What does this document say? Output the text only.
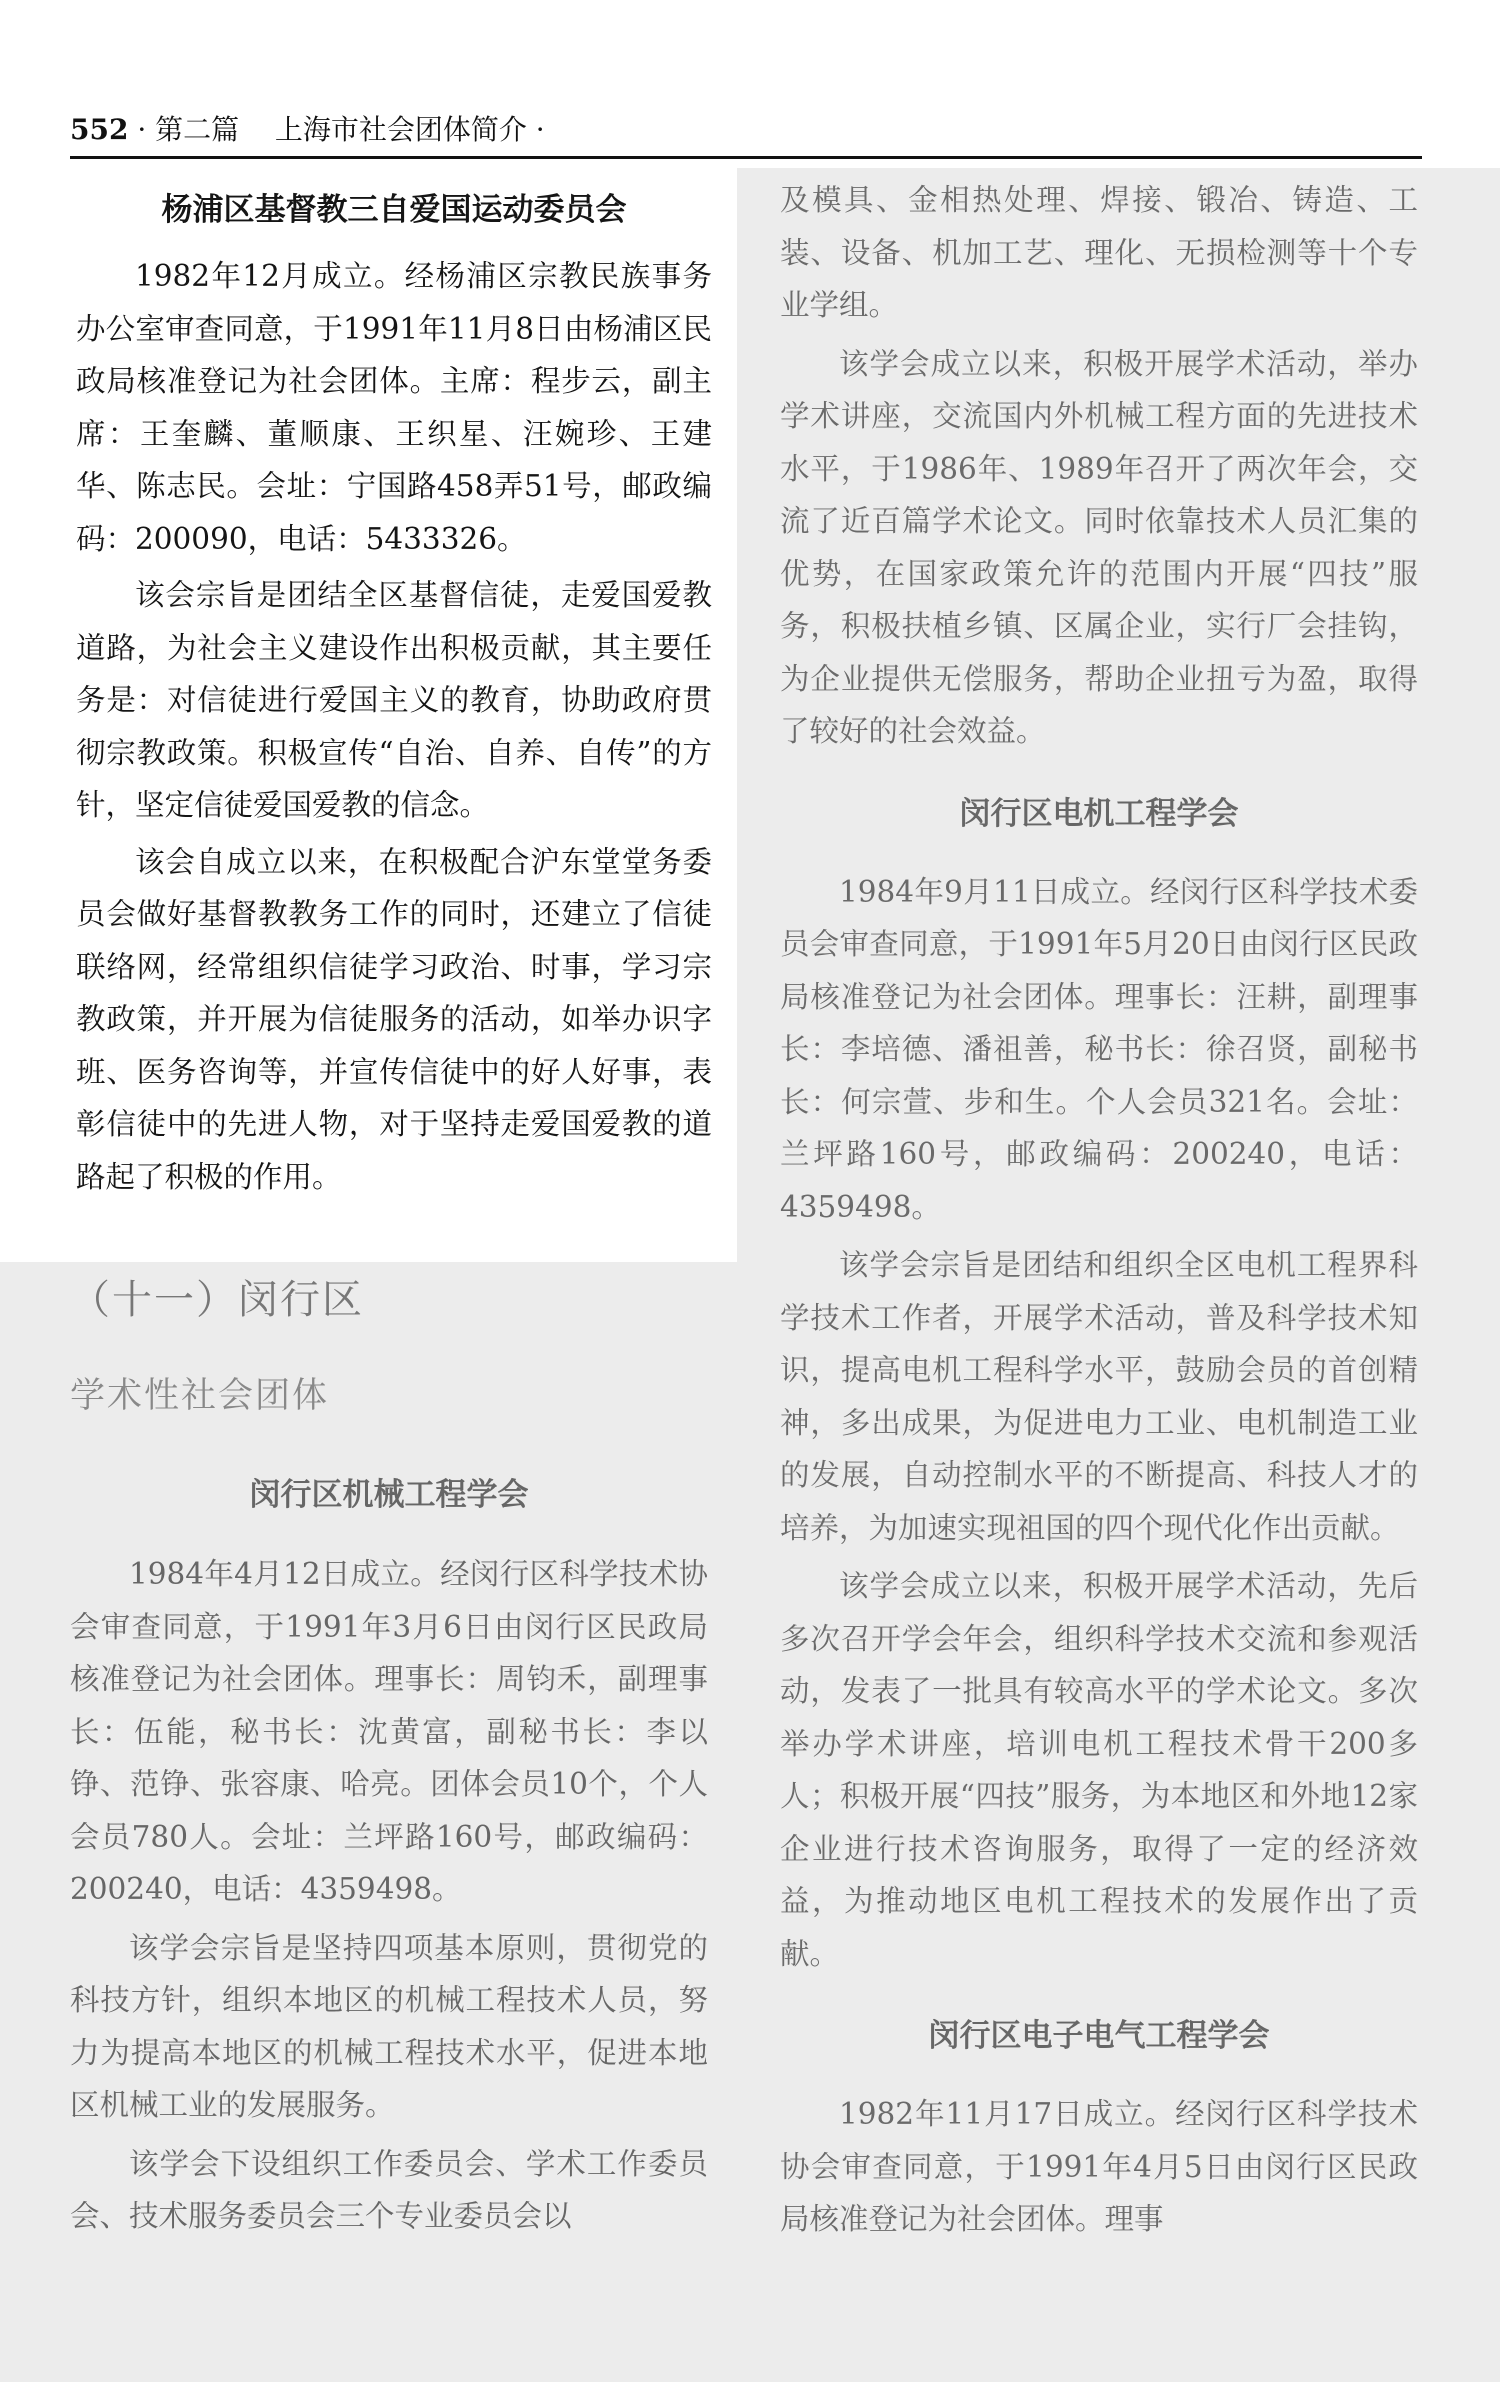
552 · 第二篇 上海市社会团体简介 ·
杨浦区基督教三自爱国运动委员会

1982年12月成立。经杨浦区宗教民族事务办公室审查同意，于1991年11月8日由杨浦区民政局核准登记为社会团体。主席：程步云，副主席：王奎麟、董顺康、王织星、汪婉珍、王建华、陈志民。会址：宁国路458弄51号，邮政编码：200090，电话：5433326。

该会宗旨是团结全区基督信徒，走爱国爱教道路，为社会主义建设作出积极贡献，其主要任务是：对信徒进行爱国主义的教育，协助政府贯彻宗教政策。积极宣传“自治、自养、自传”的方针，坚定信徒爱国爱教的信念。

该会自成立以来，在积极配合沪东堂堂务委员会做好基督教教务工作的同时，还建立了信徒联络网，经常组织信徒学习政治、时事，学习宗教政策，并开展为信徒服务的活动，如举办识字班、医务咨询等，并宣传信徒中的好人好事，表彰信徒中的先进人物，对于坚持走爱国爱教的道路起了积极的作用。

（十一）闵行区
学术性社会团体
闵行区机械工程学会

1984年4月12日成立。经闵行区科学技术协会审查同意，于1991年3月6日由闵行区民政局核准登记为社会团体。理事长：周钧禾，副理事长：伍能，秘书长：沈黄富，副秘书长：李以铮、范铮、张容康、哈亮。团体会员10个，个人会员780人。会址：兰坪路160号，邮政编码：200240，电话：4359498。

该学会宗旨是坚持四项基本原则，贯彻党的科技方针，组织本地区的机械工程技术人员，努力为提高本地区的机械工程技术水平，促进本地区机械工业的发展服务。

该学会下设组织工作委员会、学术工作委员会、技术服务委员会三个专业委员会以

及模具、金相热处理、焊接、锻冶、铸造、工装、设备、机加工艺、理化、无损检测等十个专业学组。

该学会成立以来，积极开展学术活动，举办学术讲座，交流国内外机械工程方面的先进技术水平，于1986年、1989年召开了两次年会，交流了近百篇学术论文。同时依靠技术人员汇集的优势，在国家政策允许的范围内开展“四技”服务，积极扶植乡镇、区属企业，实行厂会挂钩，为企业提供无偿服务，帮助企业扭亏为盈，取得了较好的社会效益。

闵行区电机工程学会

1984年9月11日成立。经闵行区科学技术委员会审查同意，于1991年5月20日由闵行区民政局核准登记为社会团体。理事长：汪耕，副理事长：李培德、潘祖善，秘书长：徐召贤，副秘书长：何宗萱、步和生。个人会员321名。会址：兰坪路160号，邮政编码：200240，电话：4359498。

该学会宗旨是团结和组织全区电机工程界科学技术工作者，开展学术活动，普及科学技术知识，提高电机工程科学水平，鼓励会员的首创精神，多出成果，为促进电力工业、电机制造工业的发展，自动控制水平的不断提高、科技人才的培养，为加速实现祖国的四个现代化作出贡献。

该学会成立以来，积极开展学术活动，先后多次召开学会年会，组织科学技术交流和参观活动，发表了一批具有较高水平的学术论文。多次举办学术讲座，培训电机工程技术骨干200多人；积极开展“四技”服务，为本地区和外地12家企业进行技术咨询服务，取得了一定的经济效益，为推动地区电机工程技术的发展作出了贡献。

闵行区电子电气工程学会

1982年11月17日成立。经闵行区科学技术协会审查同意，于1991年4月5日由闵行区民政局核准登记为社会团体。理事
